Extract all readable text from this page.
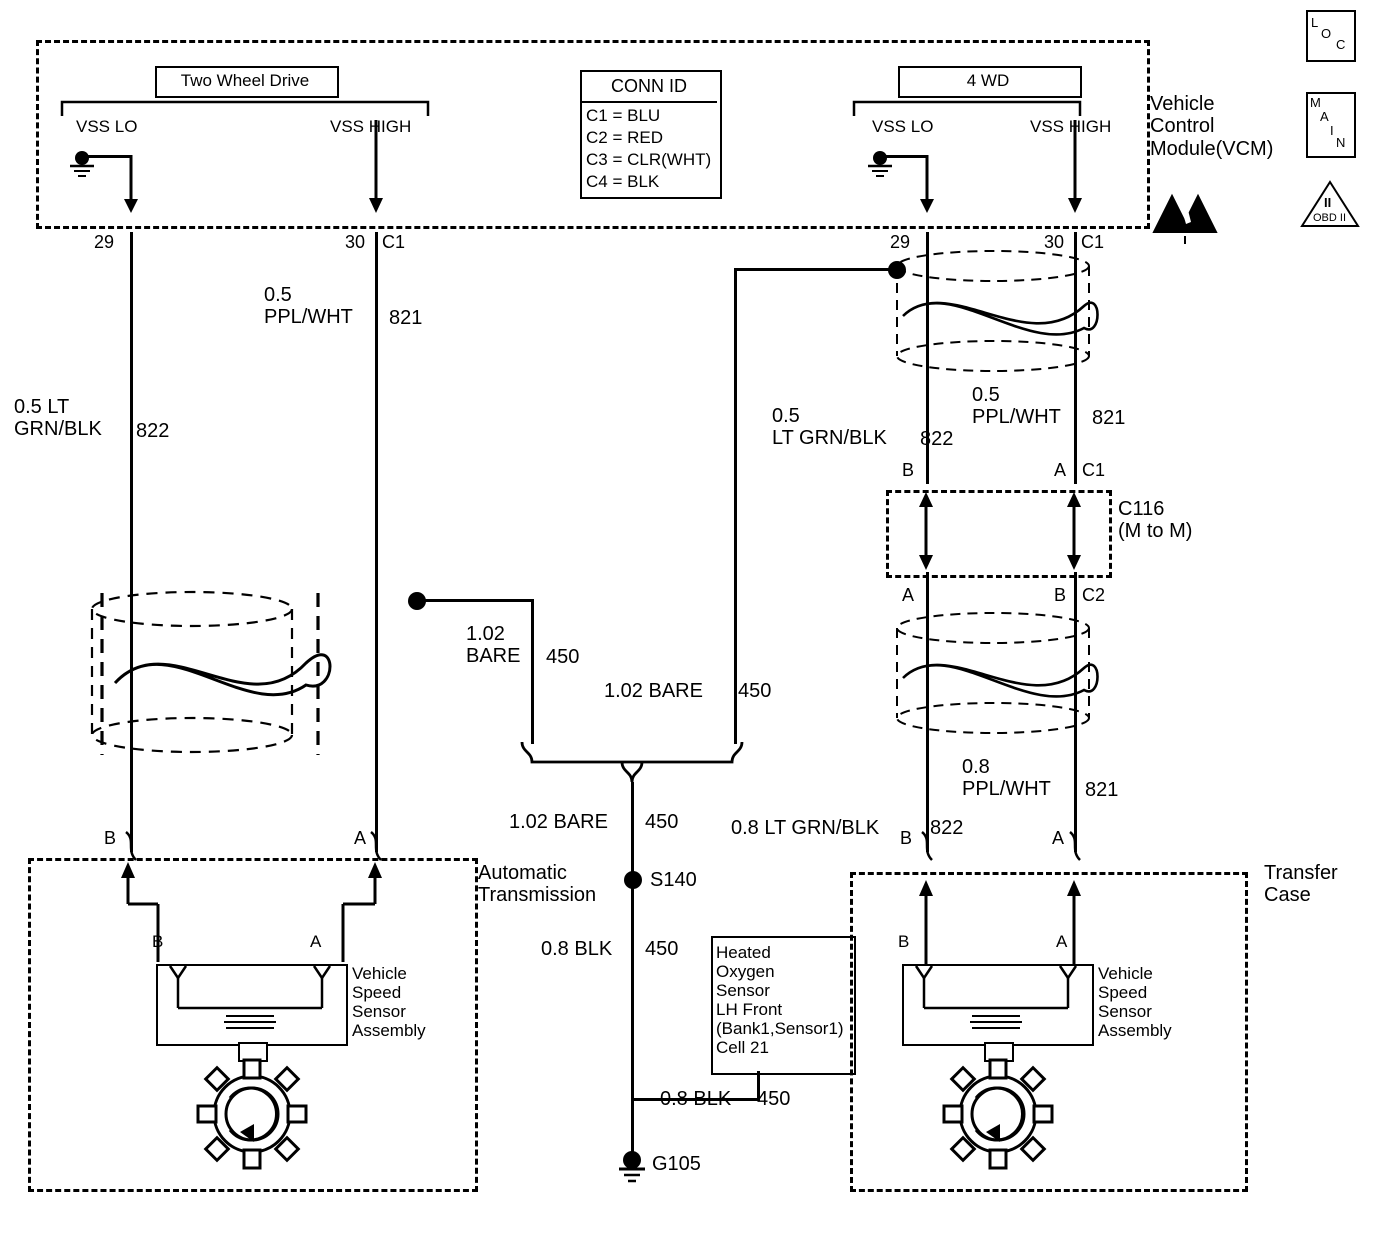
Two Wheel Drive	4 WD
CONN ID
C1 = BLU
C2 = RED
C3 = CLR(WHT)
C4 = BLK
Vehicle
Control
Module(VCM)
L
O
C
M
A
I
N
II
OBD II
VSS LO	VSS HIGH
29	30 C1
0.5
PPL/WHT 821
0.5 LT
GRN/BLK 822
1.02
BARE 450
B	A
Automatic
Transmission
B	A
Vehicle
Speed
Sensor
Assembly
1.02 BARE 450
1.02 BARE 450
S140
0.8 BLK 450 Heated
Oxygen
Sensor
LH Front
(Bank1,Sensor1)
Cell 21
0.8 BLK 450
G105
VSS LO	VSS HIGH
29	30 C1
0.5
PPL/WHT 821
0.5
LT GRN/BLK 822
B	A C1
C116
(M to M)
A	B C2
0.8
PPL/WHT 821
0.8 LT GRN/BLK	822
B	A
Transfer
Case
B	A
Vehicle
Speed
Sensor
Assembly
